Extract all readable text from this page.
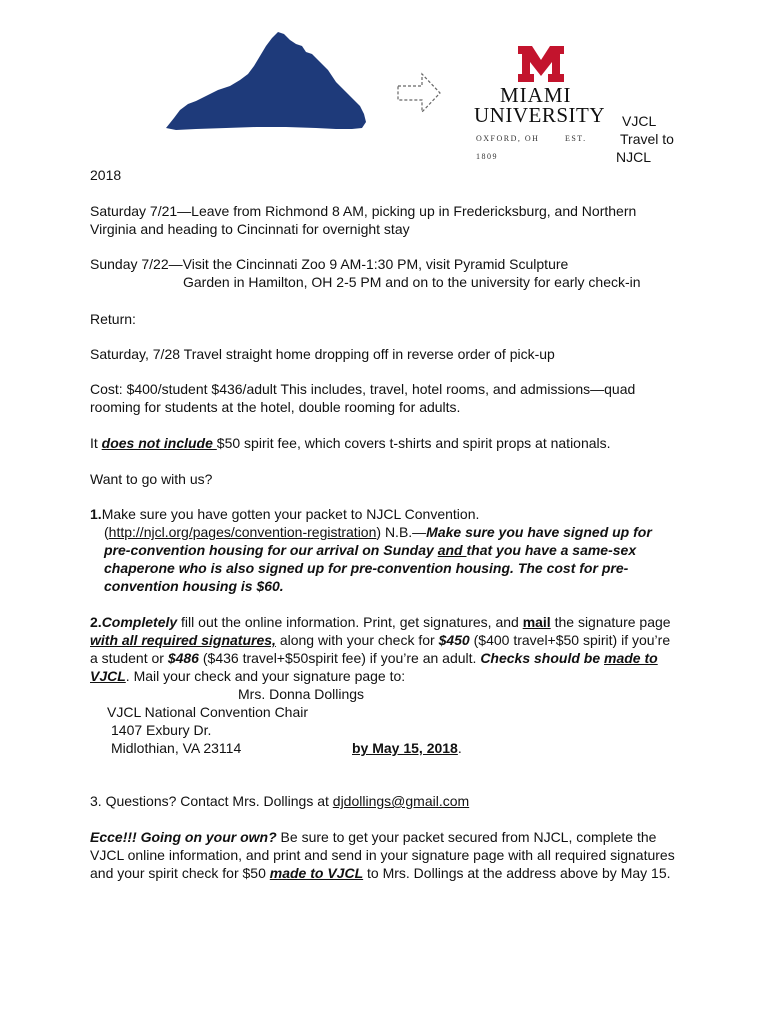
MIAMI
UNIVERSITY
OXFORD, OH	EST. 1809
VJCL
Travel to
NJCL
2018
Saturday 7/21—Leave from Richmond 8 AM, picking up in Fredericksburg, and Northern Virginia and heading to Cincinnati for overnight stay
Sunday 7/22—Visit the Cincinnati Zoo 9 AM-1:30 PM, visit Pyramid Sculpture
Garden in Hamilton, OH 2-5 PM and on to the university for early check-in
Return:
Saturday, 7/28 Travel straight home dropping off in reverse order of pick-up
Cost: $400/student $436/adult This includes, travel, hotel rooms, and admissions—quad rooming for students at the hotel, double rooming for adults.
It does not include $50 spirit fee, which covers t-shirts and spirit props at nationals.
Want to go with us?
1.Make sure you have gotten your packet to NJCL Convention.
(http://njcl.org/pages/convention-registration) N.B.—Make sure you have signed up for pre-convention housing for our arrival on Sunday and that you have a same-sex chaperone who is also signed up for pre-convention housing. The cost for pre-convention housing is $60.
2.Completely fill out the online information. Print, get signatures, and mail the signature page with all required signatures, along with your check for $450 ($400 travel+$50 spirit) if you’re a student or $486 ($436 travel+$50spirit fee) if you’re an adult. Checks should be made to VJCL. Mail your check and your signature page to:
Mrs. Donna Dollings
VJCL National Convention Chair
1407 Exbury Dr.
Midlothian, VA 23114	by May 15, 2018.
3. Questions? Contact Mrs. Dollings at djdollings@gmail.com
Ecce!!! Going on your own? Be sure to get your packet secured from NJCL, complete the VJCL online information, and print and send in your signature page with all required signatures and your spirit check for $50 made to VJCL to Mrs. Dollings at the address above by May 15.
